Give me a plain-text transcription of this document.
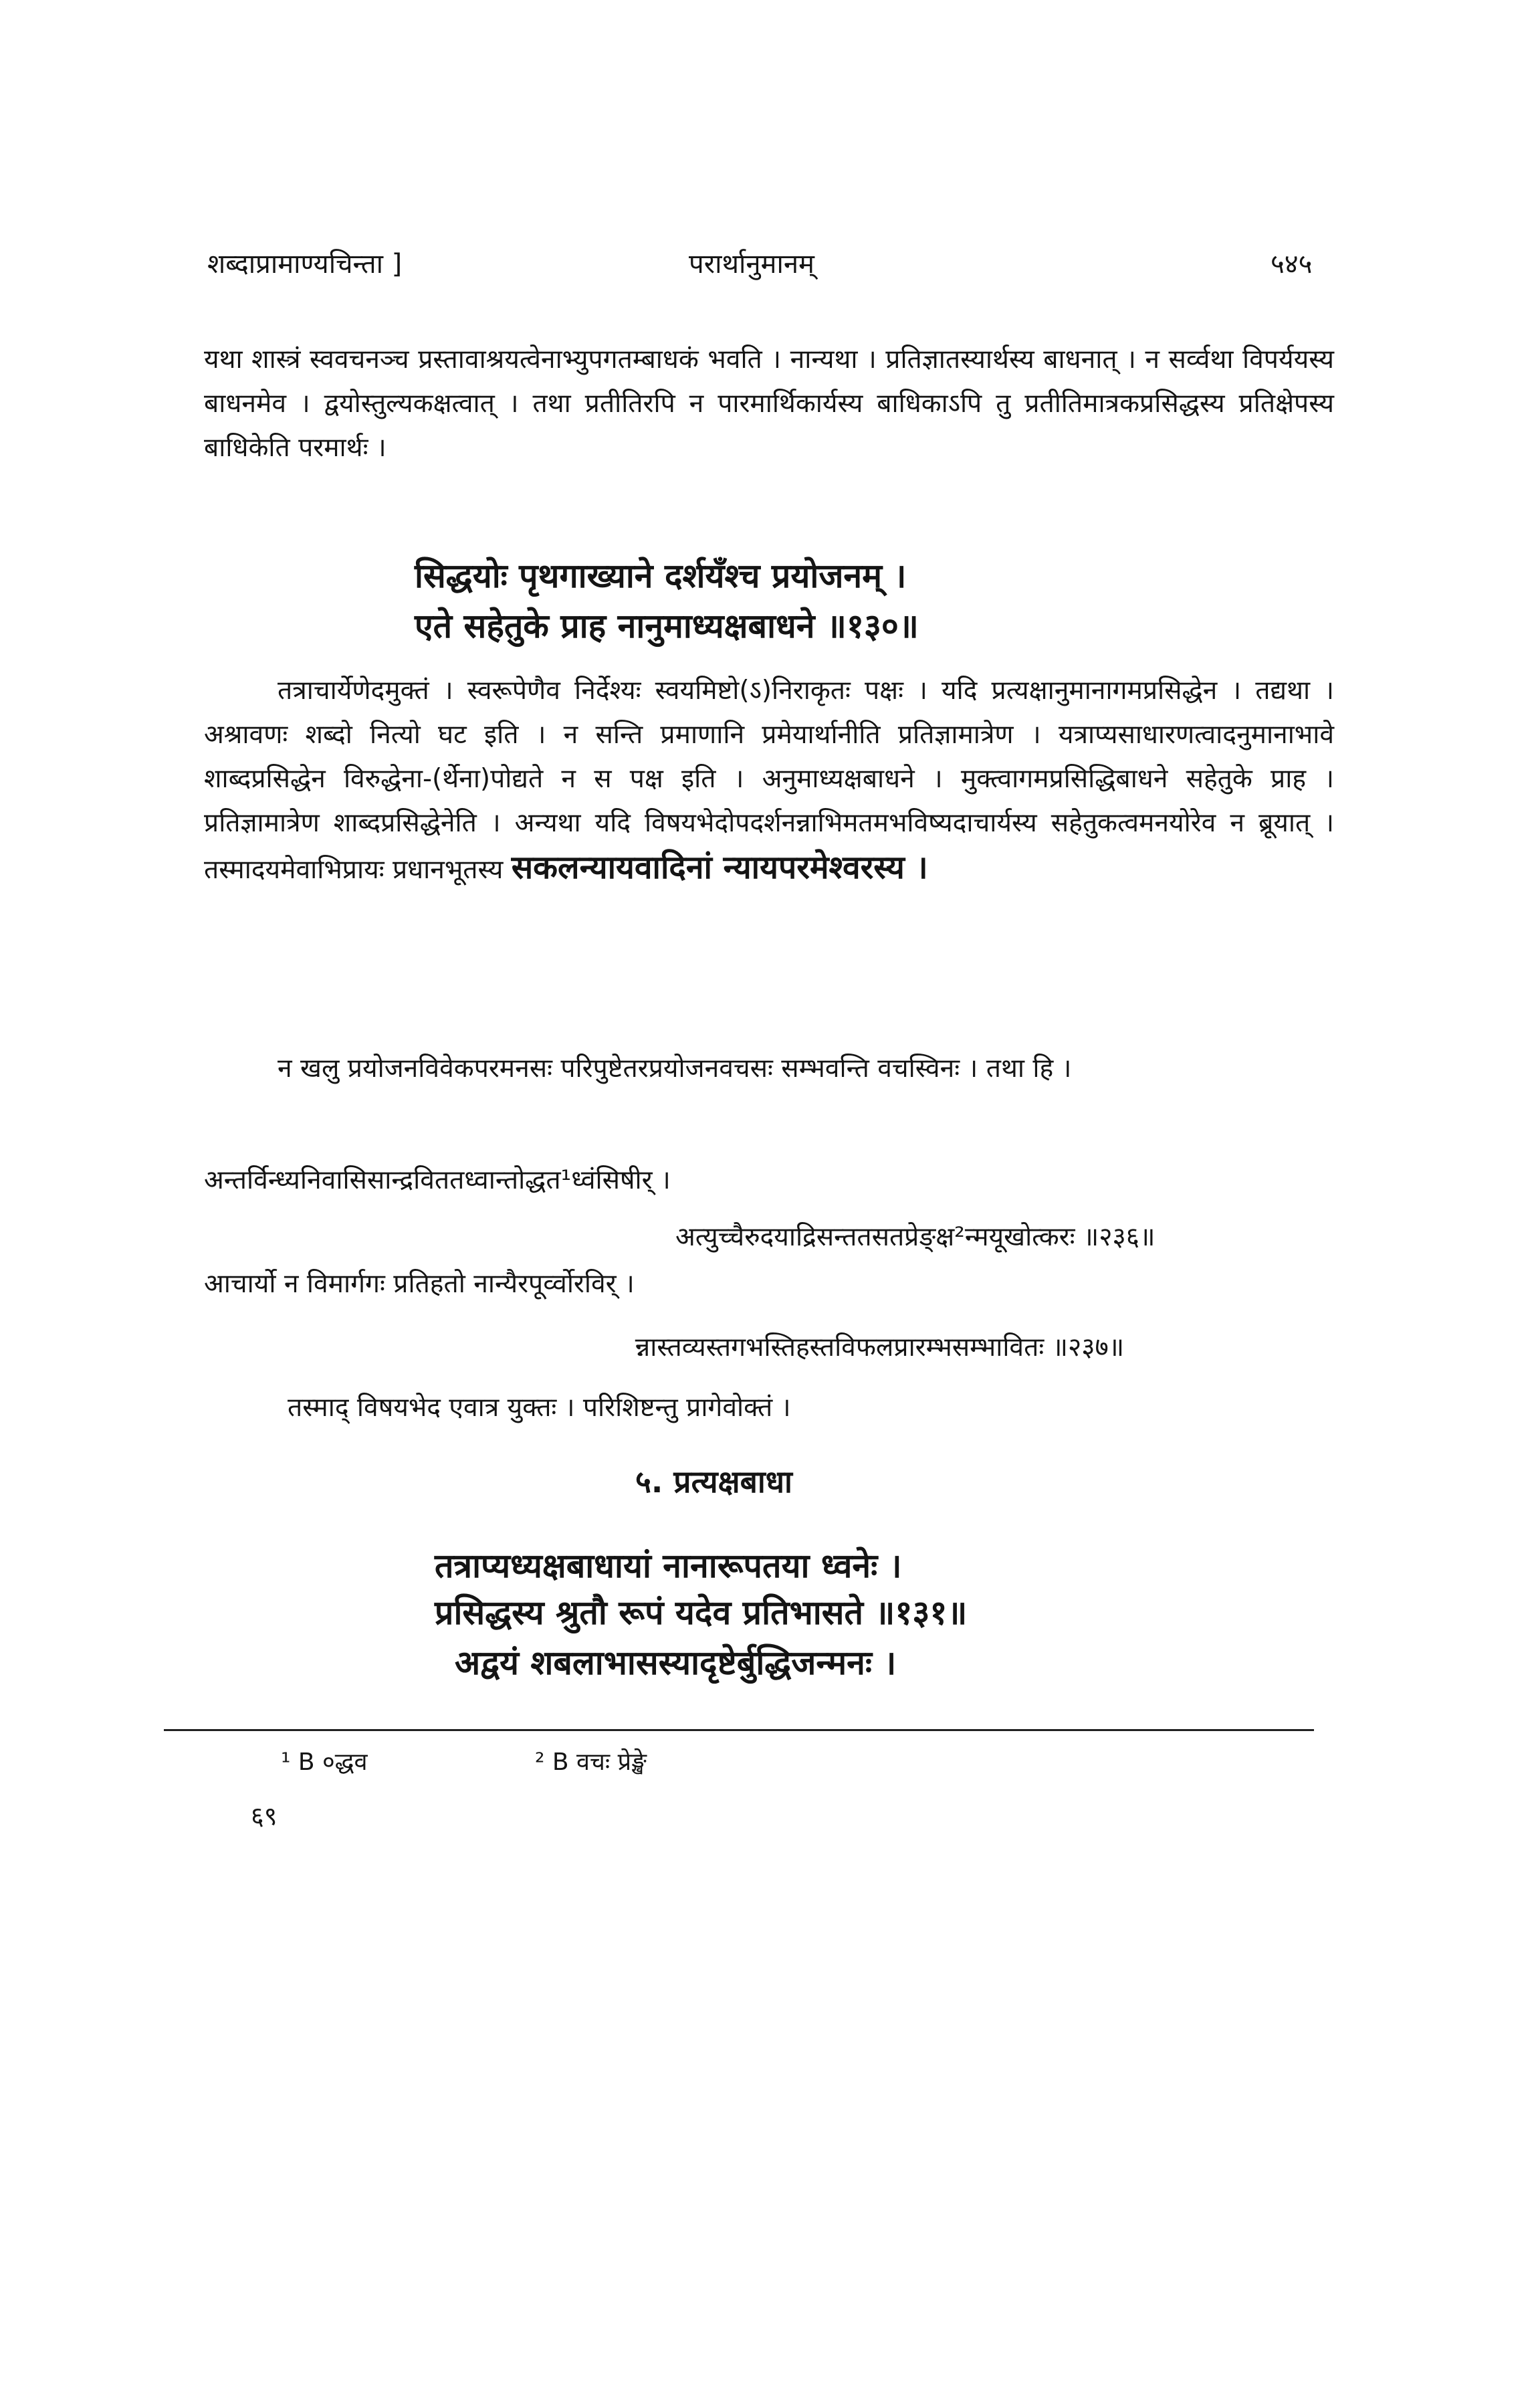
शब्दाप्रामाण्यचिन्ता ]	परार्थानुमानम्	५४५
यथा शास्त्रं स्ववचनञ्च प्रस्तावाश्रयत्वेनाभ्युपगतम्बाधकं भवति । नान्यथा । प्रतिज्ञातस्यार्थस्य बाधनात् । न सर्व्वथा विपर्ययस्य बाधनमेव । द्वयोस्तुल्यकक्षत्वात् । तथा प्रतीतिरपि न पारमार्थिकार्यस्य बाधिकाऽपि तु प्रतीतिमात्रकप्रसिद्धस्य प्रतिक्षेपस्य बाधिकेति परमार्थः ।
सिद्धयोः पृथगाख्याने दर्शयँश्च प्रयोजनम् ।
एते सहेतुके प्राह नानुमाध्यक्षबाधने ॥१३०॥
तत्राचार्येणेदमुक्तं । स्वरूपेणैव निर्देश्यः स्वयमिष्टो(ऽ)निराकृतः पक्षः । यदि प्रत्यक्षानुमानागमप्रसिद्धेन । तद्यथा । अश्रावणः शब्दो नित्यो घट इति । न सन्ति प्रमाणानि प्रमेयार्थानीति प्रतिज्ञामात्रेण । यत्राप्यसाधारणत्वादनुमानाभावे शाब्दप्रसिद्धेन विरुद्धेना-(र्थेना)पोद्यते न स पक्ष इति । अनुमाध्यक्षबाधने । मुक्त्वागमप्रसिद्धिबाधने सहेतुके प्राह । प्रतिज्ञामात्रेण शाब्दप्रसिद्धेनेति । अन्यथा यदि विषयभेदोपदर्शनन्नाभिमतमभविष्यदाचार्यस्य सहेतुकत्वमनयोरेव न ब्रूयात् । तस्मादयमेवाभिप्रायः प्रधानभूतस्य सकलन्यायवादिनां न्यायपरमेश्वरस्य ।
न खलु प्रयोजनविवेकपरमनसः परिपुष्टेतरप्रयोजनवचसः सम्भवन्ति वचस्विनः । तथा हि ।
अन्तर्विन्ध्यनिवासिसान्द्रविततध्वान्तोद्धत¹ध्वंसिषीर् ।
अत्युच्चैरुदयाद्रिसन्ततसतप्रेङ्क्ष²न्मयूखोत्करः ॥२३६॥
आचार्यो न विमार्गगः प्रतिहतो नान्यैरपूर्व्वोरविर् ।
न्नास्तव्यस्तगभस्तिहस्तविफलप्रारम्भसम्भावितः ॥२३७॥
तस्माद् विषयभेद एवात्र युक्तः । परिशिष्टन्तु प्रागेवोक्तं ।
५. प्रत्यक्षबाधा
तत्राप्यध्यक्षबाधायां नानारूपतया ध्वनेः ।
प्रसिद्धस्य श्रुतौ रूपं यदेव प्रतिभासते ॥१३१॥
अद्वयं शबलाभासस्यादृष्टेर्बुद्धिजन्मनः ।
¹ B ०द्धव	² B वचः प्रेङ्खे
६९
